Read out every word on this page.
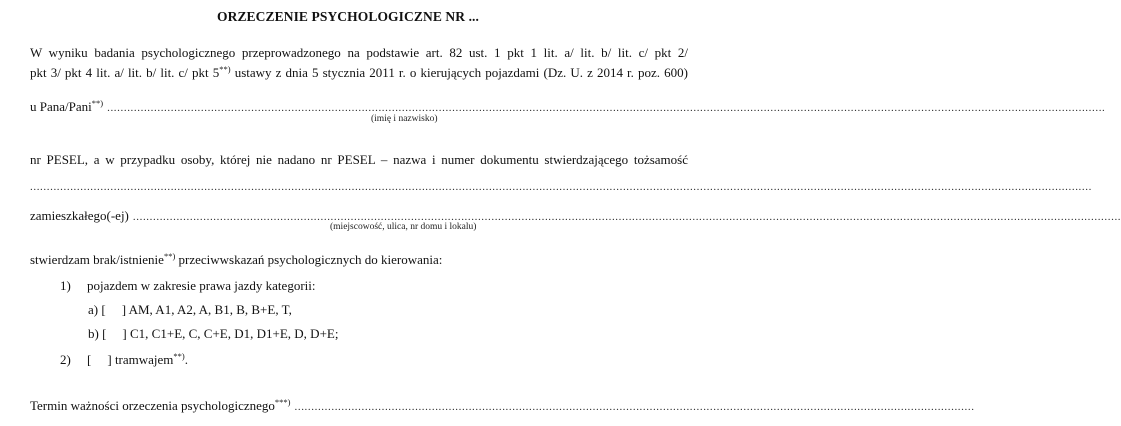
ORZECZENIE PSYCHOLOGICZNE NR ...
W wyniku badania psychologicznego przeprowadzonego na podstawie art. 82 ust. 1 pkt 1 lit. a/ lit. b/ lit. c/ pkt 2/
pkt 3/ pkt 4 lit. a/ lit. b/ lit. c/ pkt 5**) ustawy z dnia 5 stycznia 2011 r. o kierujących pojazdami (Dz. U. z 2014 r. poz. 600)
u Pana/Pani**) ..........................................................................................................................................................................................................................................................................................................
(imię i nazwisko)
nr PESEL, a w przypadku osoby, której nie nadano nr PESEL – nazwa i numer dokumentu stwierdzającego tożsamość
.............................................................................................................................................................................................................................................................................................................................
zamieszkałego(-ej) .......................................................................................................................................................................................................................................................................................................
(miejscowość, ulica, nr domu i lokalu)
stwierdzam brak/istnienie**) przeciwwskazań psychologicznych do kierowania:
1) pojazdem w zakresie prawa jazdy kategorii:
a) [ ] AM, A1, A2, A, B1, B, B+E, T,
b) [ ] C1, C1+E, C, C+E, D1, D1+E, D, D+E;
2) [ ] tramwajem**).
Termin ważności orzeczenia psychologicznego***) ...........................................................................................................................................................................................................
